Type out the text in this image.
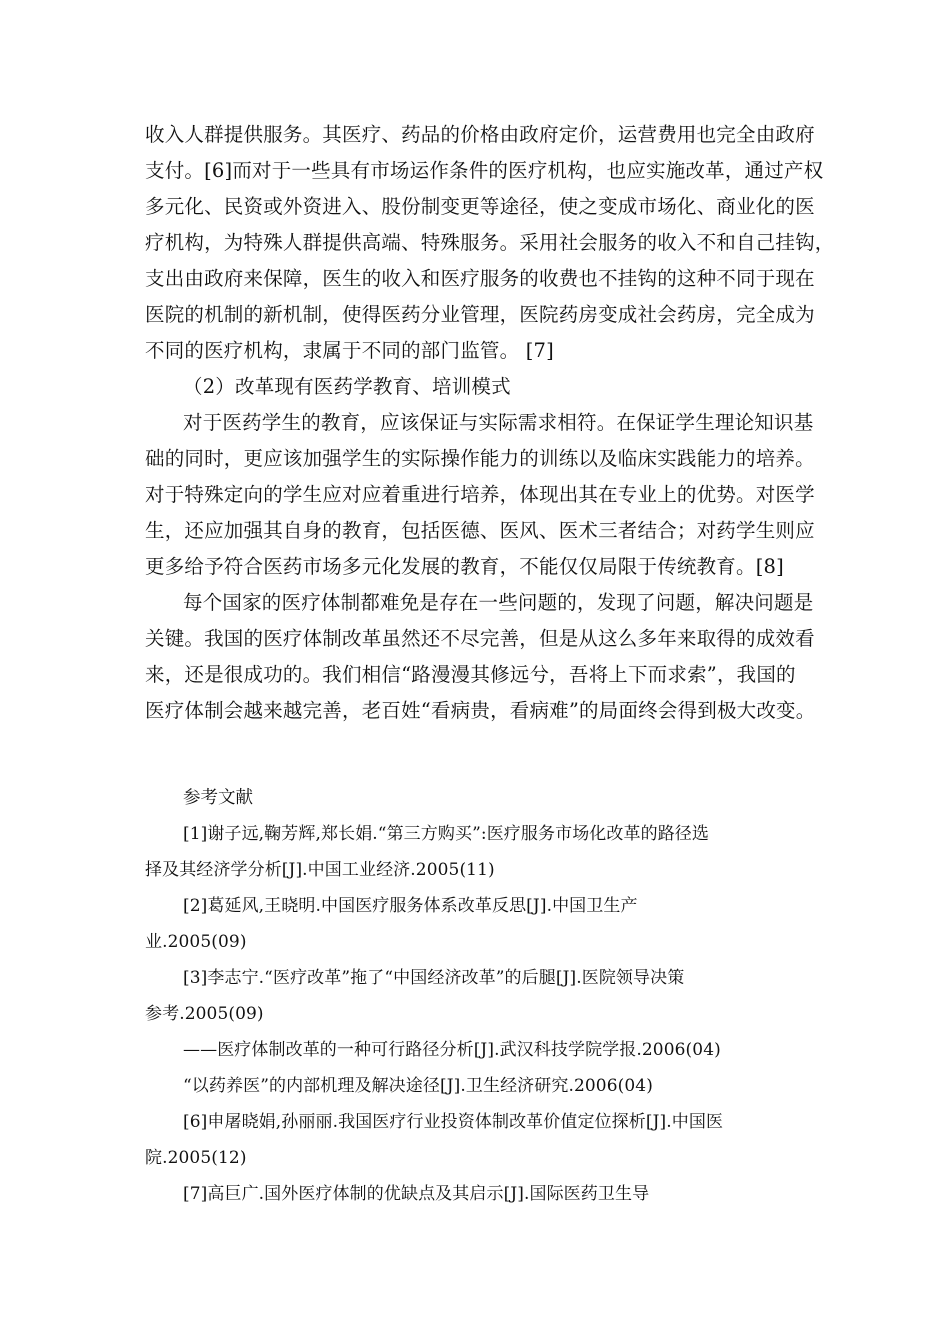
收入人群提供服务。其医疗、药品的价格由政府定价，运营费用也完全由政府
支付。[6]而对于一些具有市场运作条件的医疗机构，也应实施改革，通过产权
多元化、民资或外资进入、股份制变更等途径，使之变成市场化、商业化的医
疗机构，为特殊人群提供高端、特殊服务。采用社会服务的收入不和自己挂钩，
支出由政府来保障，医生的收入和医疗服务的收费也不挂钩的这种不同于现在
医院的机制的新机制，使得医药分业管理，医院药房变成社会药房，完全成为
不同的医疗机构，隶属于不同的部门监管。 [7]
（2）改革现有医药学教育、培训模式
对于医药学生的教育，应该保证与实际需求相符。在保证学生理论知识基
础的同时，更应该加强学生的实际操作能力的训练以及临床实践能力的培养。
对于特殊定向的学生应对应着重进行培养，体现出其在专业上的优势。对医学
生，还应加强其自身的教育，包括医德、医风、医术三者结合；对药学生则应
更多给予符合医药市场多元化发展的教育，不能仅仅局限于传统教育。[8]
每个国家的医疗体制都难免是存在一些问题的，发现了问题，解决问题是
关键。我国的医疗体制改革虽然还不尽完善，但是从这么多年来取得的成效看
来，还是很成功的。我们相信“路漫漫其修远兮，吾将上下而求索”，我国的
医疗体制会越来越完善，老百姓“看病贵，看病难”的局面终会得到极大改变。
参考文献
[1]谢子远,鞠芳辉,郑长娟.“第三方购买”:医疗服务市场化改革的路径选
择及其经济学分析[J].中国工业经济.2005(11)
[2]葛延风,王晓明.中国医疗服务体系改革反思[J].中国卫生产
业.2005(09)
[3]李志宁.“医疗改革”拖了“中国经济改革”的后腿[J].医院领导决策
参考.2005(09)
——医疗体制改革的一种可行路径分析[J].武汉科技学院学报.2006(04)
“以药养医”的内部机理及解决途径[J].卫生经济研究.2006(04)
[6]申屠晓娟,孙丽丽.我国医疗行业投资体制改革价值定位探析[J].中国医
院.2005(12)
[7]高巨广.国外医疗体制的优缺点及其启示[J].国际医药卫生导
